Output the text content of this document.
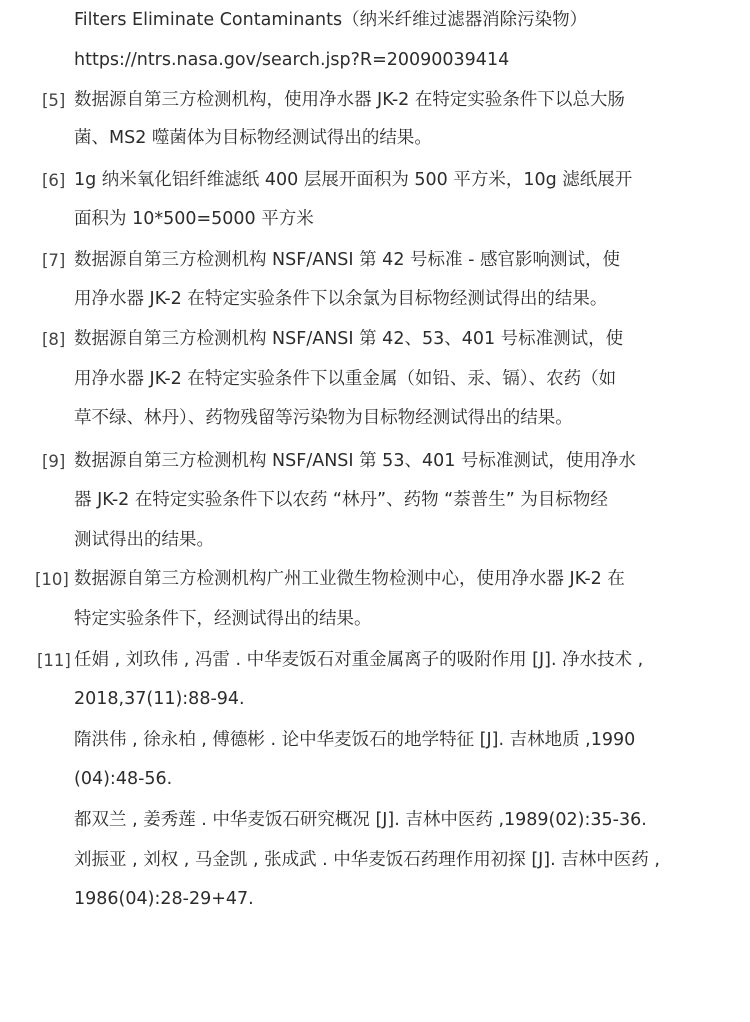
Filters Eliminate Contaminants（纳米纤维过滤器消除污染物）
https://ntrs.nasa.gov/search.jsp?R=20090039414
[5] 数据源自第三方检测机构，使用净水器 JK-2 在特定实验条件下以总大肠
菌、MS2 噬菌体为目标物经测试得出的结果。
[6] 1g 纳米氧化铝纤维滤纸 400 层展开面积为 500 平方米，10g 滤纸展开
面积为 10*500=5000 平方米
[7] 数据源自第三方检测机构 NSF/ANSI 第 42 号标准 - 感官影响测试，使
用净水器 JK-2 在特定实验条件下以余氯为目标物经测试得出的结果。
[8] 数据源自第三方检测机构 NSF/ANSI 第 42、53、401 号标准测试，使
用净水器 JK-2 在特定实验条件下以重金属（如铅、汞、镉）、农药（如
草不绿、林丹）、药物残留等污染物为目标物经测试得出的结果。
[9] 数据源自第三方检测机构 NSF/ANSI 第 53、401 号标准测试，使用净水
器 JK-2 在特定实验条件下以农药 “林丹”、药物 “萘普生” 为目标物经
测试得出的结果。
[10] 数据源自第三方检测机构广州工业微生物检测中心，使用净水器 JK-2 在
特定实验条件下，经测试得出的结果。
[11] 任娟 , 刘玖伟 , 冯雷 . 中华麦饭石对重金属离子的吸附作用 [J]. 净水技术 ,
2018,37(11):88-94.
隋洪伟 , 徐永柏 , 傅德彬 . 论中华麦饭石的地学特征 [J]. 吉林地质 ,1990
(04):48-56.
都双兰 , 姜秀莲 . 中华麦饭石研究概况 [J]. 吉林中医药 ,1989(02):35-36.
刘振亚 , 刘权 , 马金凯 , 张成武 . 中华麦饭石药理作用初探 [J]. 吉林中医药 ,
1986(04):28-29+47.
